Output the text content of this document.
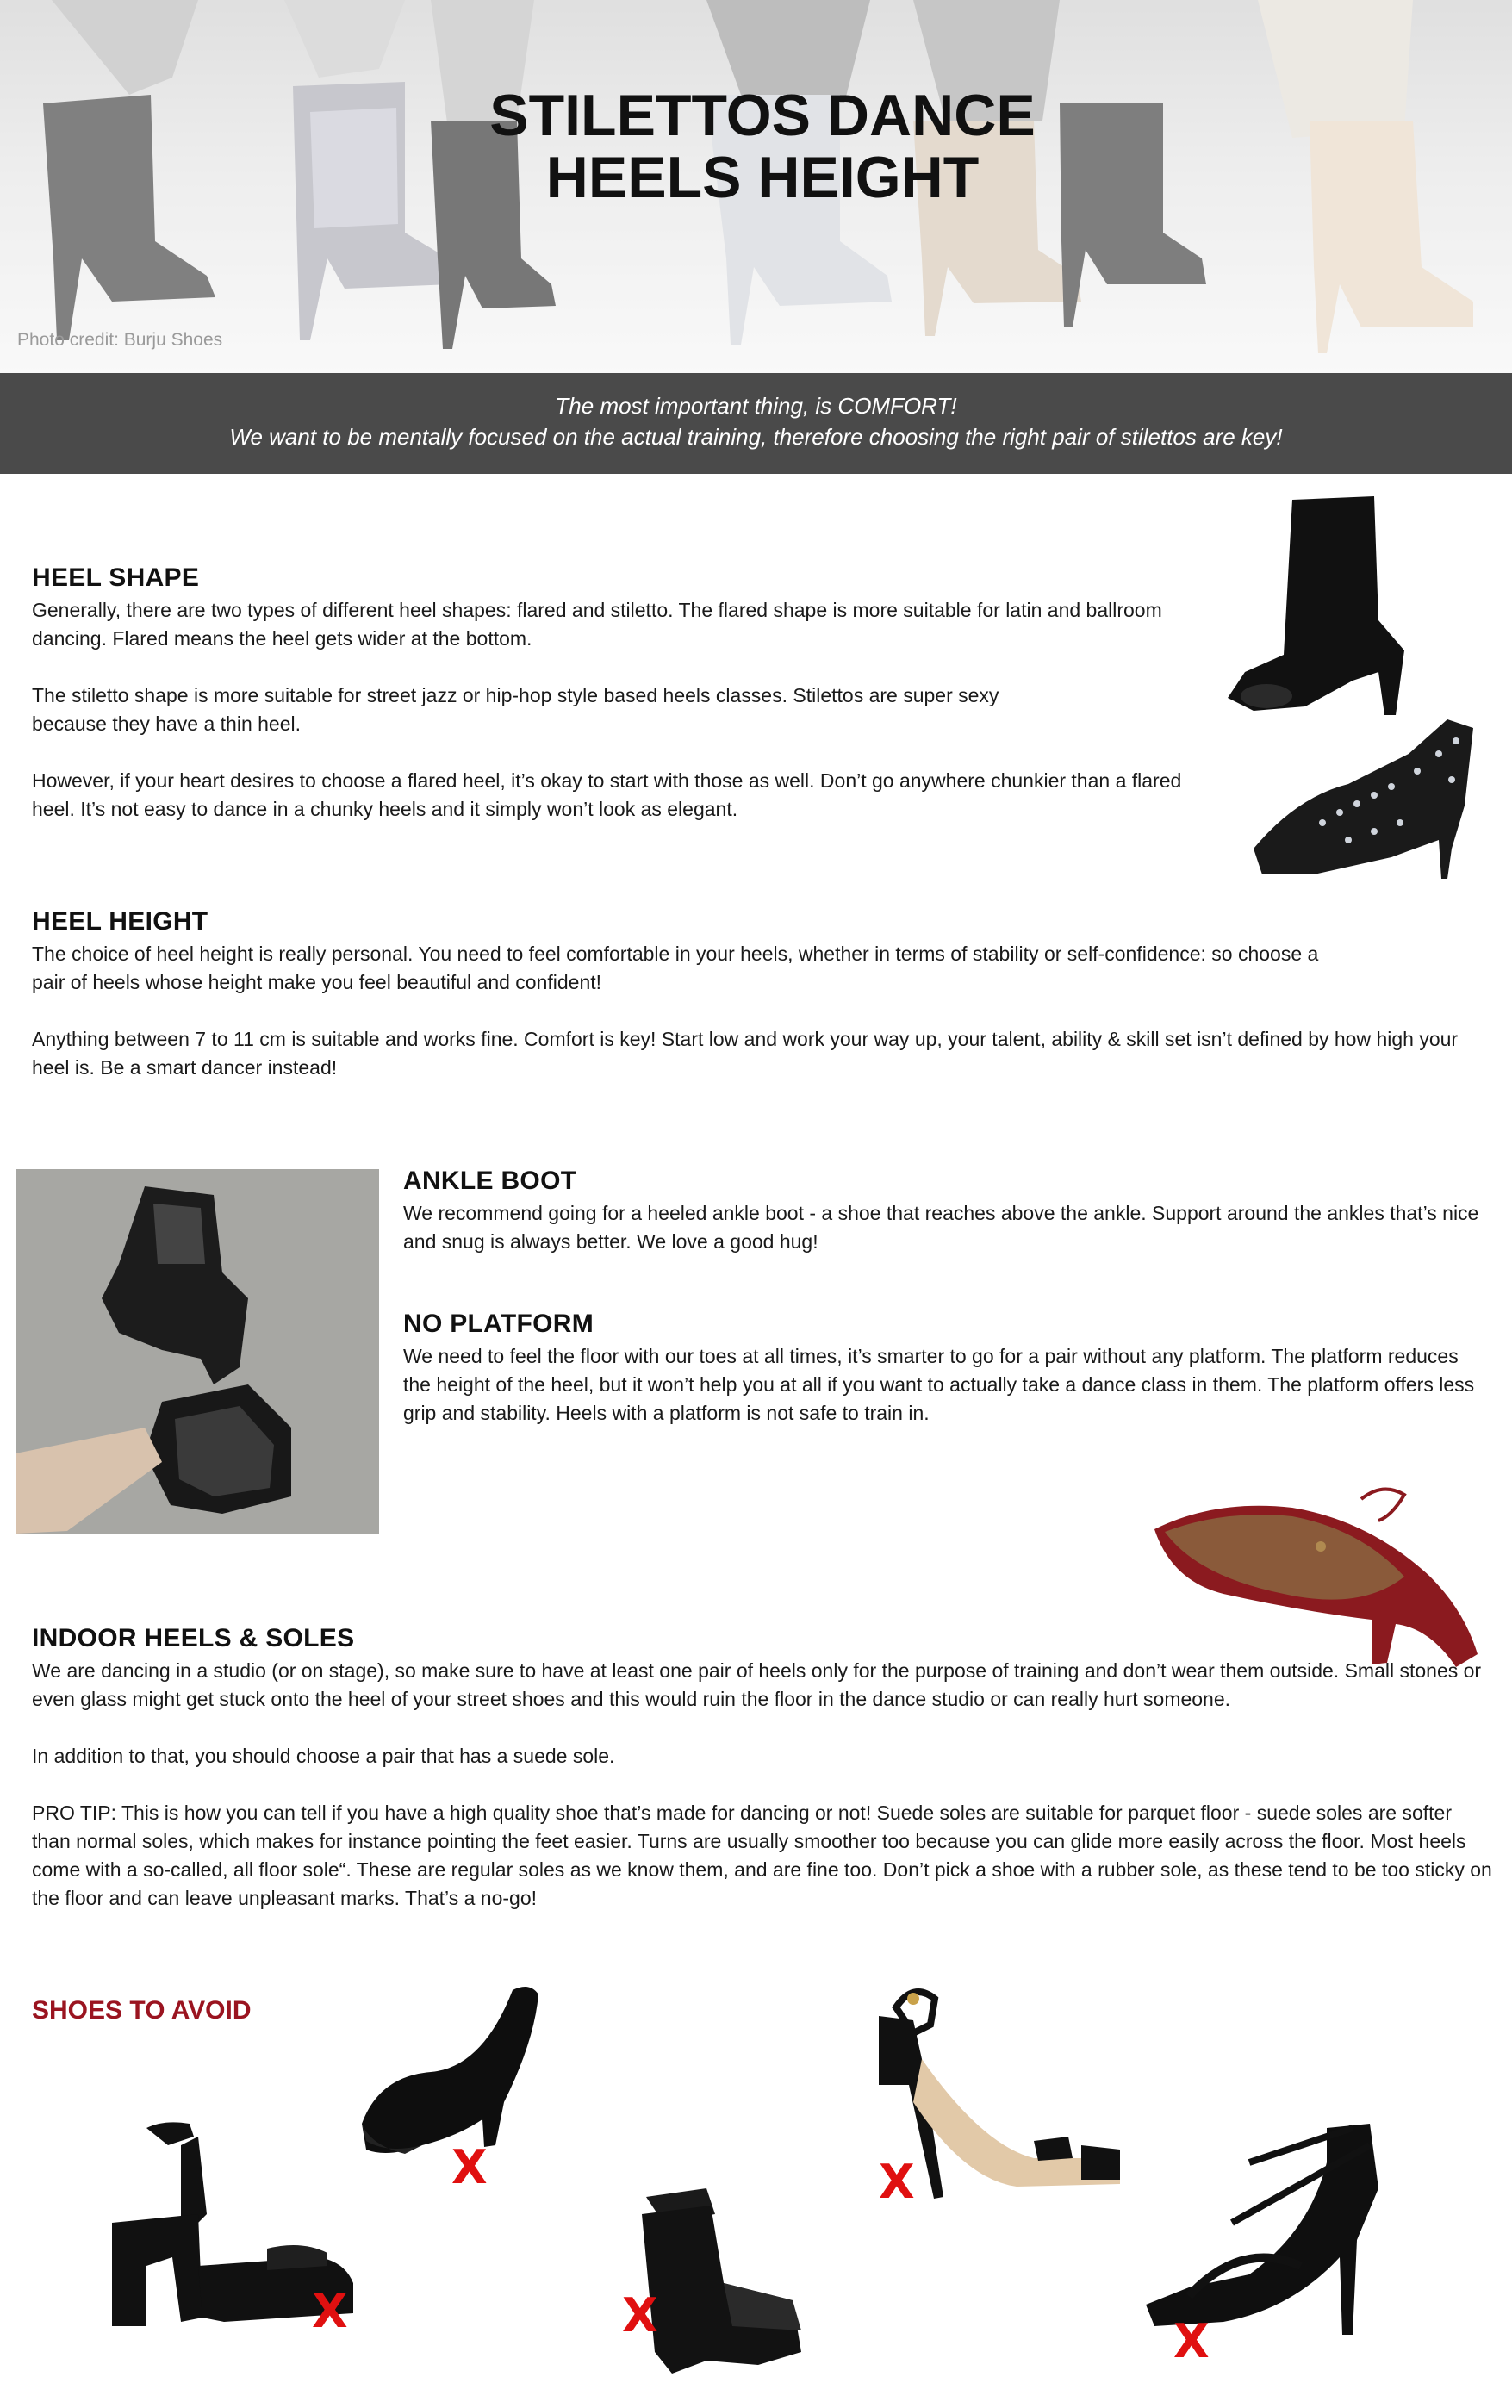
STILETTOS DANCE
HEELS HEIGHT
Photo credit: Burju Shoes
The most important thing, is COMFORT!
We want to be mentally focused on the actual training, therefore choosing the right pair of stilettos are key!
HEEL SHAPE
Generally, there are two types of different heel shapes: flared and stiletto. The flared shape is more suitable for latin and ballroom dancing. Flared means the heel gets wider at the bottom.
The stiletto shape is more suitable for street jazz or hip-hop style based heels classes. Stilettos are super sexy because they have a thin heel.
However, if your heart desires to choose a flared heel, it’s okay to start with those as well. Don’t go anywhere chunkier than a flared heel. It’s not easy to dance in a chunky heels and it simply won’t look as elegant.
HEEL HEIGHT
The choice of heel height is really personal. You need to feel comfortable in your heels, whether in terms of stability or self-confidence: so choose a pair of heels whose height make you feel beautiful and confident!
Anything between 7 to 11 cm is suitable and works fine. Comfort is key! Start low and work your way up, your talent, ability & skill set isn’t defined by how high your heel is. Be a smart dancer instead!
ANKLE BOOT
We recommend going for a heeled ankle boot - a shoe that reaches above the ankle. Support around the ankles that’s nice and snug is always better. We love a good hug!
NO PLATFORM
We need to feel the floor with our toes at all times, it’s smarter to go for a pair without any platform. The platform reduces the height of the heel, but it won’t help you at all if you want to actually take a dance class in them. The platform offers less grip and stability. Heels with a platform is not safe to train in.
INDOOR HEELS & SOLES
We are dancing in a studio (or on stage), so make sure to have at least one pair of heels only for the purpose of training and don’t wear them outside. Small stones or even glass might get stuck onto the heel of your street shoes and this would ruin the floor in the dance studio or can really hurt someone.
In addition to that, you should choose a pair that has a suede sole.
PRO TIP: This is how you can tell if you have a high quality shoe that’s made for dancing or not! Suede soles are suitable for parquet floor - suede soles are softer than normal soles, which makes for instance pointing the feet easier. Turns are usually smoother too because you can glide more easily across the floor. Most heels come with a so-called, all floor sole“. These are regular soles as we know them, and are fine too. Don’t pick a shoe with a rubber sole, as these tend to be too sticky on the floor and can leave unpleasant marks. That’s a no-go!
SHOES TO AVOID
X
X
X
X
X
